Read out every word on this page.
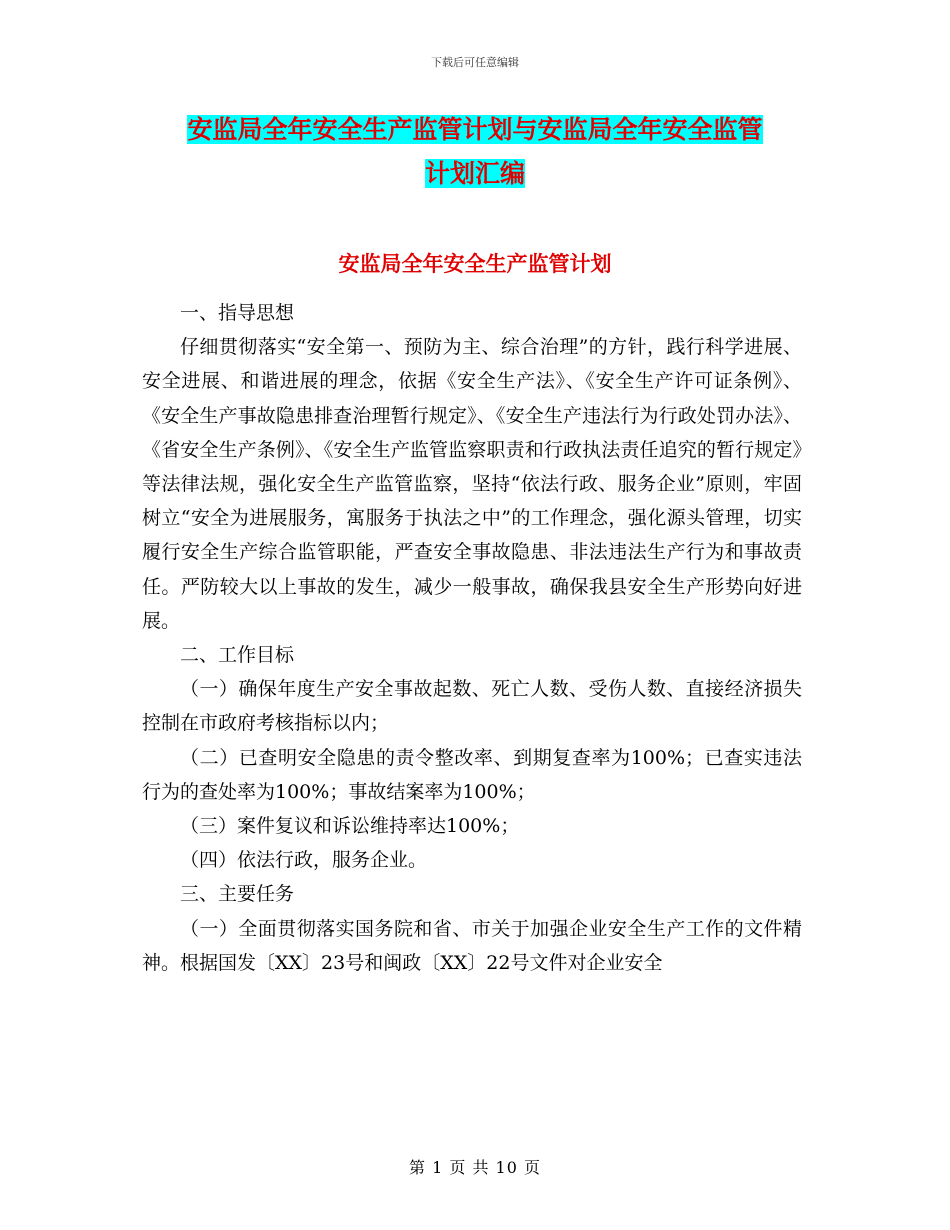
下载后可任意编辑
安监局全年安全生产监管计划与安监局全年安全监管
计划汇编
安监局全年安全生产监管计划

一、指导思想

仔细贯彻落实“安全第一、预防为主、综合治理”的方针，践行科学进展、安全进展、和谐进展的理念，依据《安全生产法》、《安全生产许可证条例》、《安全生产事故隐患排查治理暂行规定》、《安全生产违法行为行政处罚办法》、《省安全生产条例》、《安全生产监管监察职责和行政执法责任追究的暂行规定》等法律法规，强化安全生产监管监察，坚持“依法行政、服务企业”原则，牢固树立“安全为进展服务，寓服务于执法之中”的工作理念，强化源头管理，切实履行安全生产综合监管职能，严查安全事故隐患、非法违法生产行为和事故责任。严防较大以上事故的发生，减少一般事故，确保我县安全生产形势向好进展。

二、工作目标

（一）确保年度生产安全事故起数、死亡人数、受伤人数、直接经济损失控制在市政府考核指标以内；

（二）已查明安全隐患的责令整改率、到期复查率为100%；已查实违法行为的查处率为100%；事故结案率为100%；

（三）案件复议和诉讼维持率达100%；

（四）依法行政，服务企业。

三、主要任务

（一）全面贯彻落实国务院和省、市关于加强企业安全生产工作的文件精神。根据国发〔XX〕23号和闽政〔XX〕22号文件对企业安全

第 1 页 共 10 页
